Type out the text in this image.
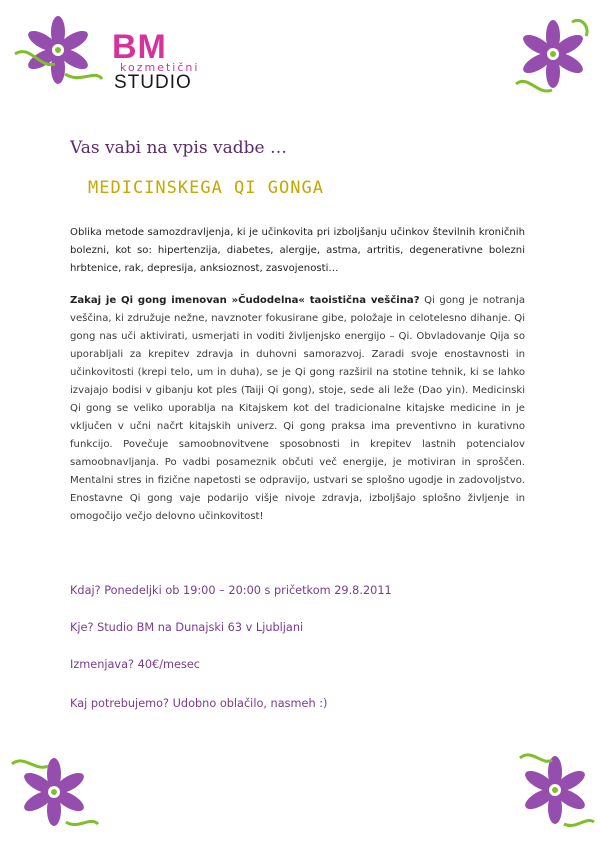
BM
kozmetični
STUDIO
Vas vabi na vpis vadbe …
MEDICINSKEGA QI GONGA
Oblika metode samozdravljenja, ki je učinkovita pri izboljšanju učinkov številnih kroničnih bolezni, kot so: hipertenzija, diabetes, alergije, astma, artritis, degenerativne bolezni hrbtenice, rak, depresija, anksioznost, zasvojenosti…
Zakaj je Qi gong imenovan »Čudodelna« taoistična veščina? Qi gong je notranja veščina, ki združuje nežne, navznoter fokusirane gibe, položaje in celotelesno dihanje. Qi gong nas uči aktivirati, usmerjati in voditi življenjsko energijo – Qi. Obvladovanje Qija so uporabljali za krepitev zdravja in duhovni samorazvoj. Zaradi svoje enostavnosti in učinkovitosti (krepi telo, um in duha), se je Qi gong razširil na stotine tehnik, ki se lahko izvajajo bodisi v gibanju kot ples (Taiji Qi gong), stoje, sede ali leže (Dao yin). Medicinski Qi gong se veliko uporablja na Kitajskem kot del tradicionalne kitajske medicine in je vključen v učni načrt kitajskih univerz. Qi gong praksa ima preventivno in kurativno funkcijo. Povečuje samoobnovitvene sposobnosti in krepitev lastnih potencialov samoobnavljanja. Po vadbi posameznik občuti več energije, je motiviran in sproščen. Mentalni stres in fizične napetosti se odpravijo, ustvari se splošno ugodje in zadovoljstvo. Enostavne Qi gong vaje podarijo višje nivoje zdravja, izboljšajo splošno življenje in omogočijo večjo delovno učinkovitost!
Kdaj? Ponedeljki ob 19:00 – 20:00 s pričetkom 29.8.2011
Kje? Studio BM na Dunajski 63 v Ljubljani
Izmenjava? 40€/mesec
Kaj potrebujemo? Udobno oblačilo, nasmeh :)
